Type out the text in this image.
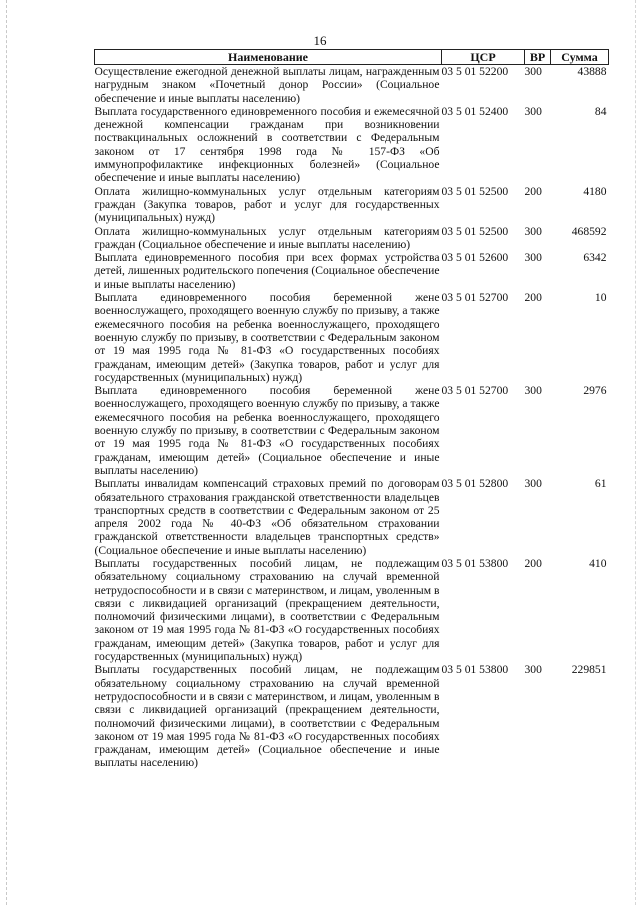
16
Наименование	ЦСР	ВР	Сумма
Осуществление ежегодной денежной выплаты лицам, награжденным нагрудным знаком «Почетный донор России» (Социальное обеспечение и иные выплаты населению)	03 5 01 52200	300	43888
Выплата государственного единовременного пособия и ежемесячной денежной компенсации гражданам при возникновении поствакцинальных осложнений в соответствии с Федеральным законом от 17 сентября 1998 года № 157-ФЗ «Об иммунопрофилактике инфекционных болезней» (Социальное обеспечение и иные выплаты населению)	03 5 01 52400	300	84
Оплата жилищно-коммунальных услуг отдельным категориям граждан (Закупка товаров, работ и услуг для государственных (муниципальных) нужд)	03 5 01 52500	200	4180
Оплата жилищно-коммунальных услуг отдельным категориям граждан (Социальное обеспечение и иные выплаты населению)	03 5 01 52500	300	468592
Выплата единовременного пособия при всех формах устройства детей, лишенных родительского попечения (Социальное обеспечение и иные выплаты населению)	03 5 01 52600	300	6342
Выплата единовременного пособия беременной жене военнослужащего, проходящего военную службу по призыву, а также ежемесячного пособия на ребенка военнослужащего, проходящего военную службу по призыву, в соответствии с Федеральным законом от 19 мая 1995 года № 81-ФЗ «О государственных пособиях гражданам, имеющим детей» (Закупка товаров, работ и услуг для государственных (муниципальных) нужд)	03 5 01 52700	200	10
Выплата единовременного пособия беременной жене военнослужащего, проходящего военную службу по призыву, а также ежемесячного пособия на ребенка военнослужащего, проходящего военную службу по призыву, в соответствии с Федеральным законом от 19 мая 1995 года № 81-ФЗ «О государственных пособиях гражданам, имеющим детей» (Социальное обеспечение и иные выплаты населению)	03 5 01 52700	300	2976
Выплаты инвалидам компенсаций страховых премий по договорам обязательного страхования гражданской ответственности владельцев транспортных средств в соответствии с Федеральным законом от 25 апреля 2002 года № 40-ФЗ «Об обязательном страховании гражданской ответственности владельцев транспортных средств» (Социальное обеспечение и иные выплаты населению)	03 5 01 52800	300	61
Выплаты государственных пособий лицам, не подлежащим обязательному социальному страхованию на случай временной нетрудоспособности и в связи с материнством, и лицам, уволенным в связи с ликвидацией организаций (прекращением деятельности, полномочий физическими лицами), в соответствии с Федеральным законом от 19 мая 1995 года № 81-ФЗ «О государственных пособиях гражданам, имеющим детей» (Закупка товаров, работ и услуг для государственных (муниципальных) нужд)	03 5 01 53800	200	410
Выплаты государственных пособий лицам, не подлежащим обязательному социальному страхованию на случай временной нетрудоспособности и в связи с материнством, и лицам, уволенным в связи с ликвидацией организаций (прекращением деятельности, полномочий физическими лицами), в соответствии с Федеральным законом от 19 мая 1995 года № 81-ФЗ «О государственных пособиях гражданам, имеющим детей» (Социальное обеспечение и иные выплаты населению)	03 5 01 53800	300	229851
